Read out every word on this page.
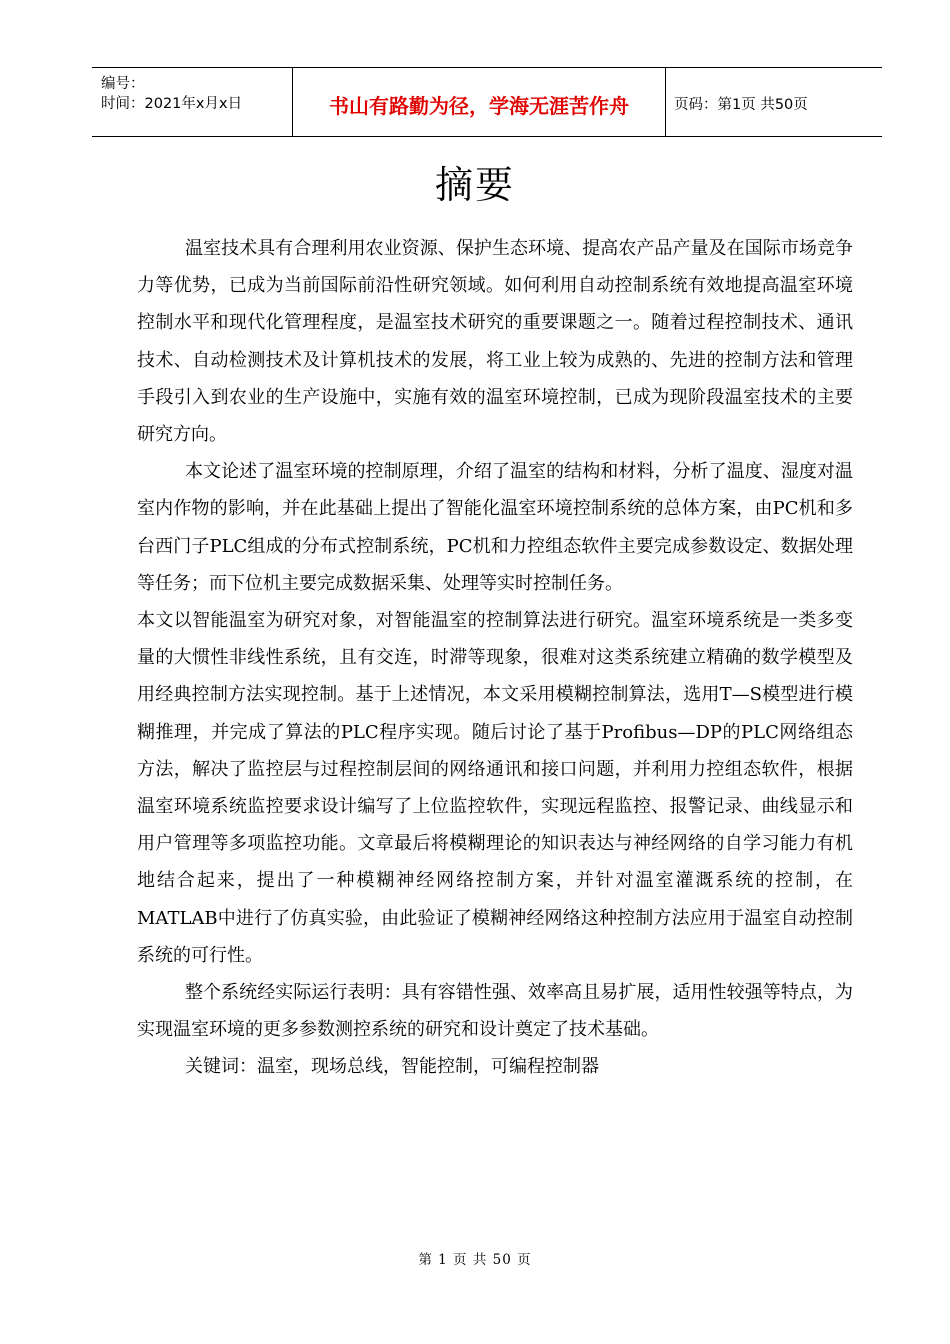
编号：
时间：2021年x月x日	书山有路勤为径，学海无涯苦作舟	页码：第1页 共50页
摘要

温室技术具有合理利用农业资源、保护生态环境、提高农产品产量及在国际市场竞争力等优势，已成为当前国际前沿性研究领域。如何利用自动控制系统有效地提高温室环境控制水平和现代化管理程度，是温室技术研究的重要课题之一。随着过程控制技术、通讯技术、自动检测技术及计算机技术的发展，将工业上较为成熟的、先进的控制方法和管理手段引入到农业的生产设施中，实施有效的温室环境控制，已成为现阶段温室技术的主要研究方向。

本文论述了温室环境的控制原理，介绍了温室的结构和材料，分析了温度、湿度对温室内作物的影响，并在此基础上提出了智能化温室环境控制系统的总体方案，由PC机和多台西门子PLC组成的分布式控制系统，PC机和力控组态软件主要完成参数设定、数据处理等任务；而下位机主要完成数据采集、处理等实时控制任务。

本文以智能温室为研究对象，对智能温室的控制算法进行研究。温室环境系统是一类多变量的大惯性非线性系统，且有交连，时滞等现象，很难对这类系统建立精确的数学模型及用经典控制方法实现控制。基于上述情况，本文采用模糊控制算法，选用T—S模型进行模糊推理，并完成了算法的PLC程序实现。随后讨论了基于Profibus—DP的PLC网络组态方法，解决了监控层与过程控制层间的网络通讯和接口问题，并利用力控组态软件，根据温室环境系统监控要求设计编写了上位监控软件，实现远程监控、报警记录、曲线显示和用户管理等多项监控功能。文章最后将模糊理论的知识表达与神经网络的自学习能力有机地结合起来，提出了一种模糊神经网络控制方案，并针对温室灌溉系统的控制，在MATLAB中进行了仿真实验，由此验证了模糊神经网络这种控制方法应用于温室自动控制系统的可行性。

整个系统经实际运行表明：具有容错性强、效率高且易扩展，适用性较强等特点，为实现温室环境的更多参数测控系统的研究和设计奠定了技术基础。

关键词：温室，现场总线，智能控制，可编程控制器

第 1 页 共 50 页
